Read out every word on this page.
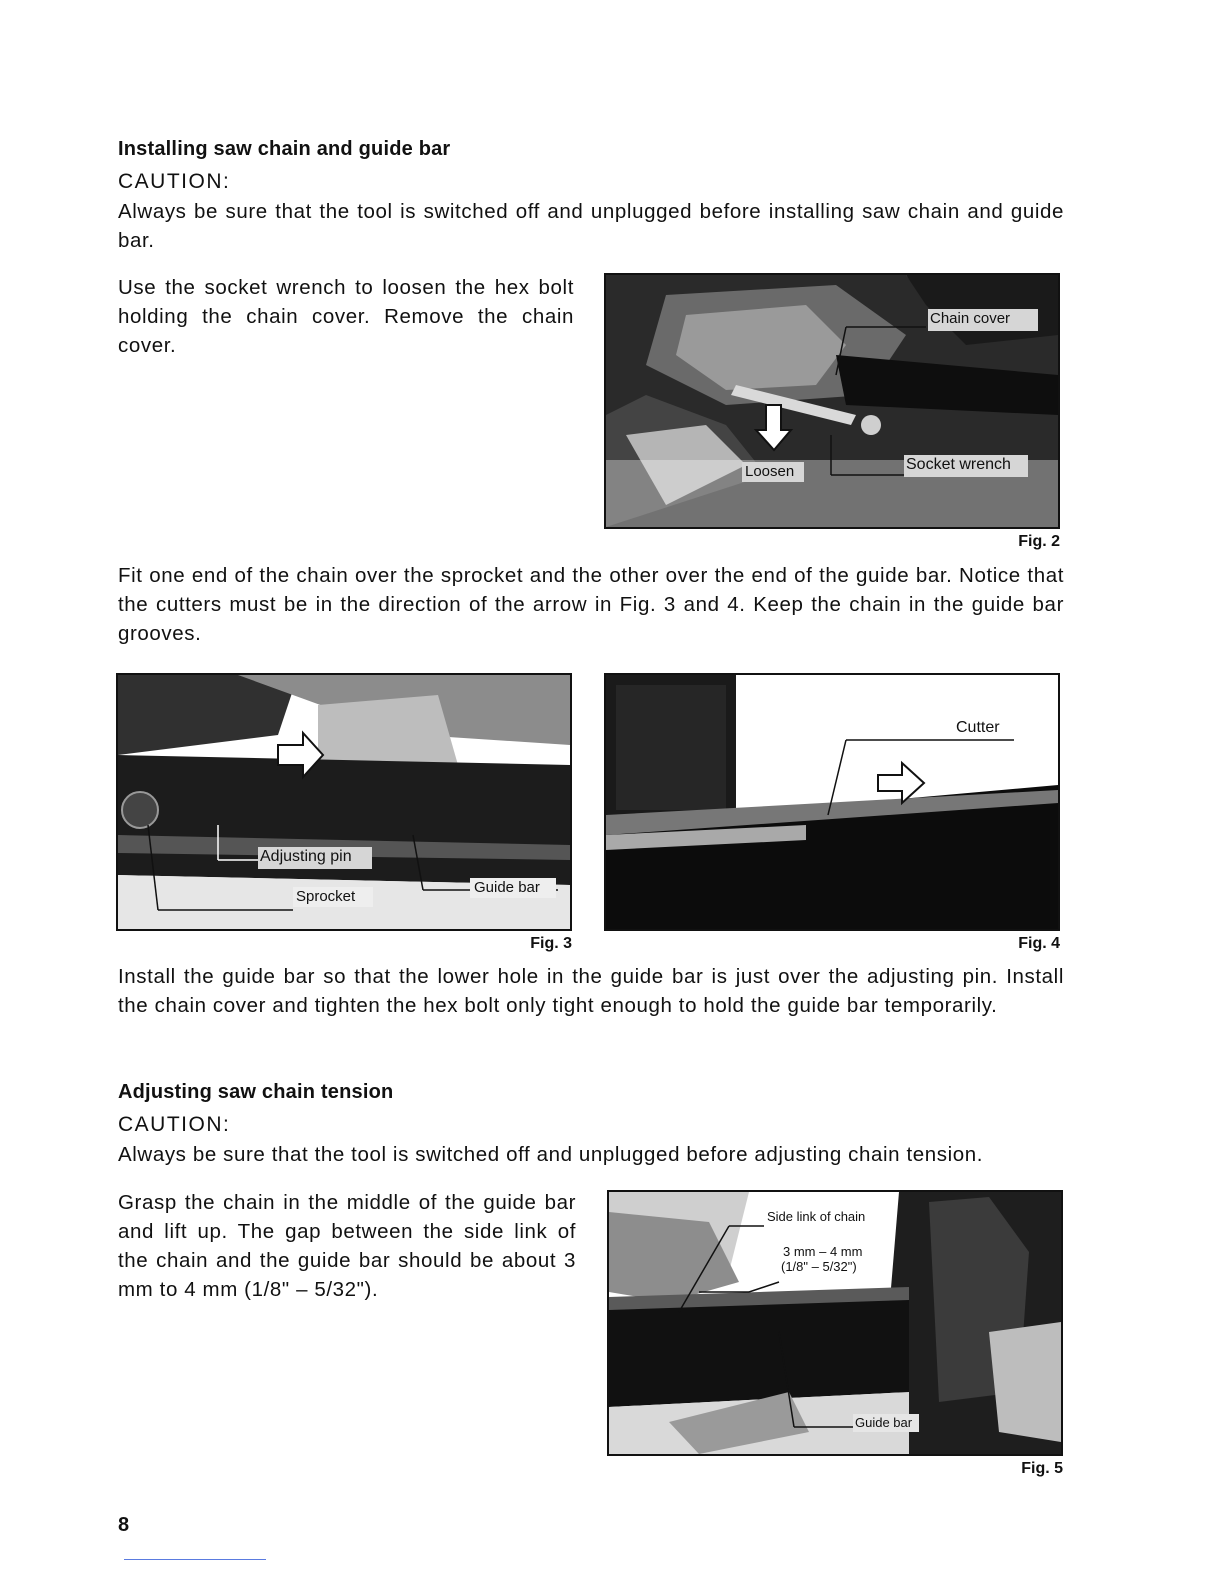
Installing saw chain and guide bar
CAUTION:
Always be sure that the tool is switched off and unplugged before installing saw chain and guide bar.
Use the socket wrench to loosen the hex bolt holding the chain cover. Remove the chain cover.
Chain cover
Loosen	Socket wrench
Fig. 2
Fit one end of the chain over the sprocket and the other over the end of the guide bar. Notice that the cutters must be in the direction of the arrow in Fig. 3 and 4. Keep the chain in the guide bar grooves.
Adjusting pin
Sprocket
Guide bar
Fig. 3
Cutter
Fig. 4
Install the guide bar so that the lower hole in the guide bar is just over the adjusting pin. Install the chain cover and tighten the hex bolt only tight enough to hold the guide bar temporarily.
Adjusting saw chain tension
CAUTION:
Always be sure that the tool is switched off and unplugged before adjusting chain tension.
Grasp the chain in the middle of the guide bar and lift up. The gap between the side link of the chain and the guide bar should be about 3 mm to 4 mm (1/8" – 5/32").
Side link of chain
3 mm – 4 mm
(1/8" – 5/32")
Guide bar
Fig. 5
8
